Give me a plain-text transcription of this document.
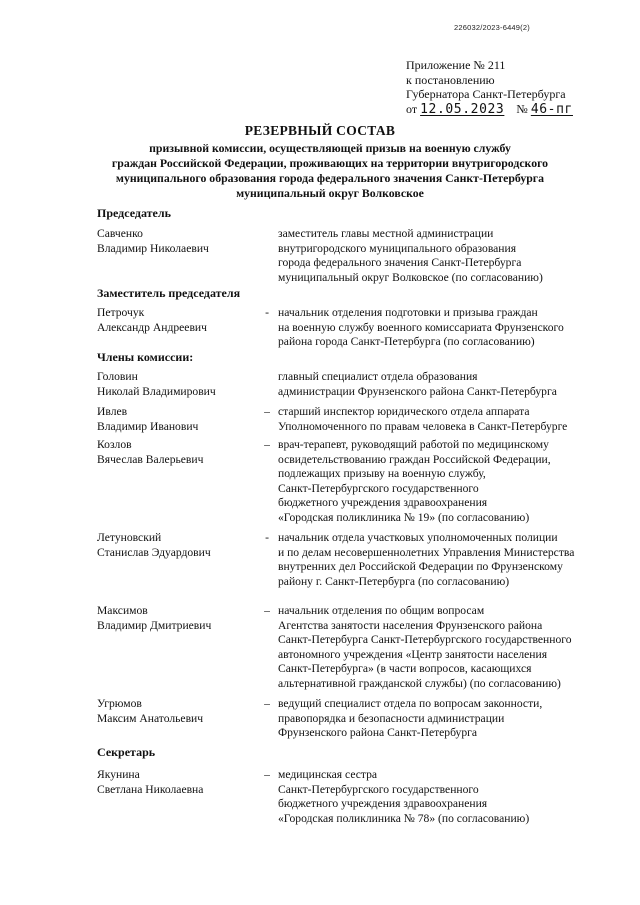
226032/2023-6449(2)
Приложение № 211
к постановлению
Губернатора Санкт-Петербурга
от 12.05.2023 № 46-пг
РЕЗЕРВНЫЙ СОСТАВ
призывной комиссии, осуществляющей призыв на военную службу
граждан Российской Федерации, проживающих на территории внутригородского
муниципального образования города федерального значения Санкт-Петербурга
муниципальный округ Волковское
Председатель
Савченко
Владимир Николаевич
заместитель главы местной администрации
внутригородского муниципального образования
города федерального значения Санкт-Петербурга
муниципальный округ Волковское (по согласованию)
Заместитель председателя
Петрочук
Александр Андреевич
- начальник отделения подготовки и призыва граждан
на военную службу военного комиссариата Фрунзенского
района города Санкт-Петербурга (по согласованию)
Члены комиссии:
Головин
Николай Владимирович
главный специалист отдела образования
администрации Фрунзенского района Санкт-Петербурга
Ивлев
Владимир Иванович
– старший инспектор юридического отдела аппарата
Уполномоченного по правам человека в Санкт-Петербурге
Козлов
Вячеслав Валерьевич
– врач-терапевт, руководящий работой по медицинскому
освидетельствованию граждан Российской Федерации,
подлежащих призыву на военную службу,
Санкт-Петербургского государственного
бюджетного учреждения здравоохранения
«Городская поликлиника № 19» (по согласованию)
Летуновский
Станислав Эдуардович
- начальник отдела участковых уполномоченных полиции
и по делам несовершеннолетних Управления Министерства
внутренних дел Российской Федерации по Фрунзенскому
району г. Санкт-Петербурга (по согласованию)
Максимов
Владимир Дмитриевич
– начальник отделения по общим вопросам
Агентства занятости населения Фрунзенского района
Санкт-Петербурга Санкт-Петербургского государственного
автономного учреждения «Центр занятости населения
Санкт-Петербурга» (в части вопросов, касающихся
альтернативной гражданской службы) (по согласованию)
Угрюмов
Максим Анатольевич
– ведущий специалист отдела по вопросам законности,
правопорядка и безопасности администрации
Фрунзенского района Санкт-Петербурга
Секретарь
Якунина
Светлана Николаевна
– медицинская сестра
Санкт-Петербургского государственного
бюджетного учреждения здравоохранения
«Городская поликлиника № 78» (по согласованию)
